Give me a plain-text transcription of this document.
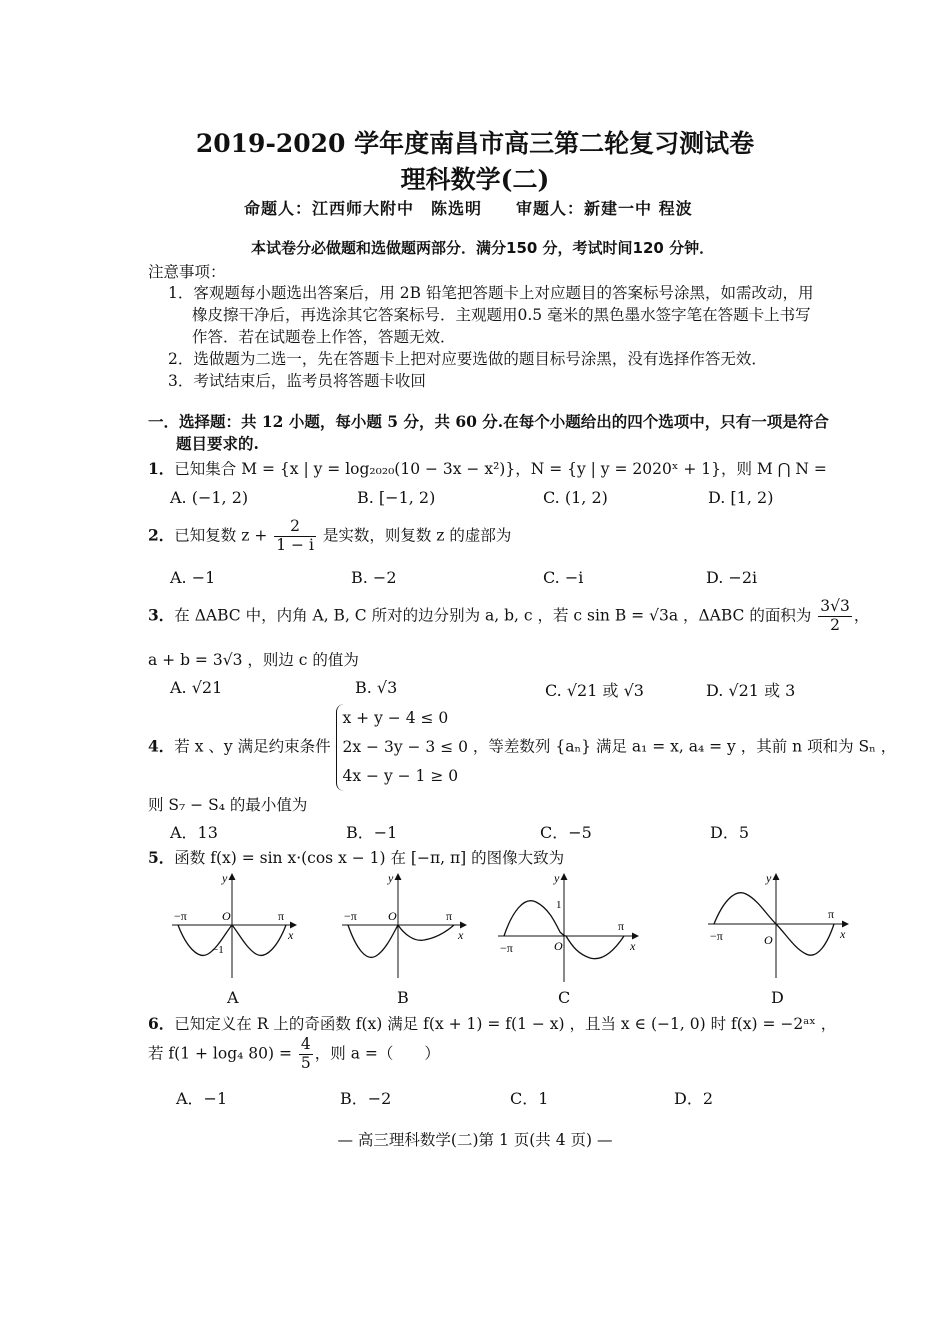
2019-2020 学年度南昌市高三第二轮复习测试卷
理科数学(二)
命题人：江西师大附中　陈选明　　审题人：新建一中 程波
本试卷分必做题和选做题两部分．满分150 分，考试时间120 分钟．
注意事项：
1．客观题每小题选出答案后，用 2B 铅笔把答题卡上对应题目的答案标号涂黑，如需改动，用
橡皮擦干净后，再选涂其它答案标号．主观题用0.5 毫米的黑色墨水签字笔在答题卡上书写
作答．若在试题卷上作答，答题无效．
2．选做题为二选一，先在答题卡上把对应要选做的题目标号涂黑，没有选择作答无效．
3．考试结束后，监考员将答题卡收回
一．选择题：共 12 小题，每小题 5 分，共 60 分.在每个小题给出的四个选项中，只有一项是符合
题目要求的.
1．已知集合 M = {x | y = log₂₀₂₀(10 − 3x − x²)}，N = {y | y = 2020ˣ + 1}，则 M ⋂ N =
A. (−1, 2)	B. [−1, 2)	C. (1, 2)	D. [1, 2)
2．已知复数 $z + \frac{2}{1 - i}$ 是实数，则复数 z 的虚部为
A. −1	B. −2	C. −i	D. −2i
3．在 ΔABC 中，内角 A, B, C 所对的边分别为 a, b, c ，若 c sin B = √3a ，ΔABC 的面积为 $\frac{3√3}{2}$ ，
a + b = 3√3 ，则边 c 的值为
A. √21	B. √3	C. √21 或 √3	D. √21 或 3
4．若 x 、y 满足约束条件
x + y − 4 ≤ 0
2x − 3y − 3 ≤ 0
4x − y − 1 ≥ 0
，等差数列 {aₙ} 满足 a₁ = x, a₄ = y ，其前 n 项和为 Sₙ ，
则 S₇ − S₄ 的最小值为
A．13	B．−1	C．−5	D．5
5．函数 f(x) = sin x·(cos x − 1) 在 [−π, π] 的图像大致为
−π	π
O
y
x
−1
−π	π
O
y
x
−π
π
O
y
x
1
−π
π
O
y
x
A	B	C	D
6．已知定义在 R 上的奇函数 f(x) 满足 f(x + 1) = f(1 − x) ，且当 x ∈ (−1, 0) 时 f(x) = −2ᵃˣ ，
若 f(1 + log₄ $80) = \frac{4}{5}$ ，则 a =（　　）
A．−1	B．−2	C．1	D．2
— 高三理科数学(二)第 1 页(共 4 页) —
